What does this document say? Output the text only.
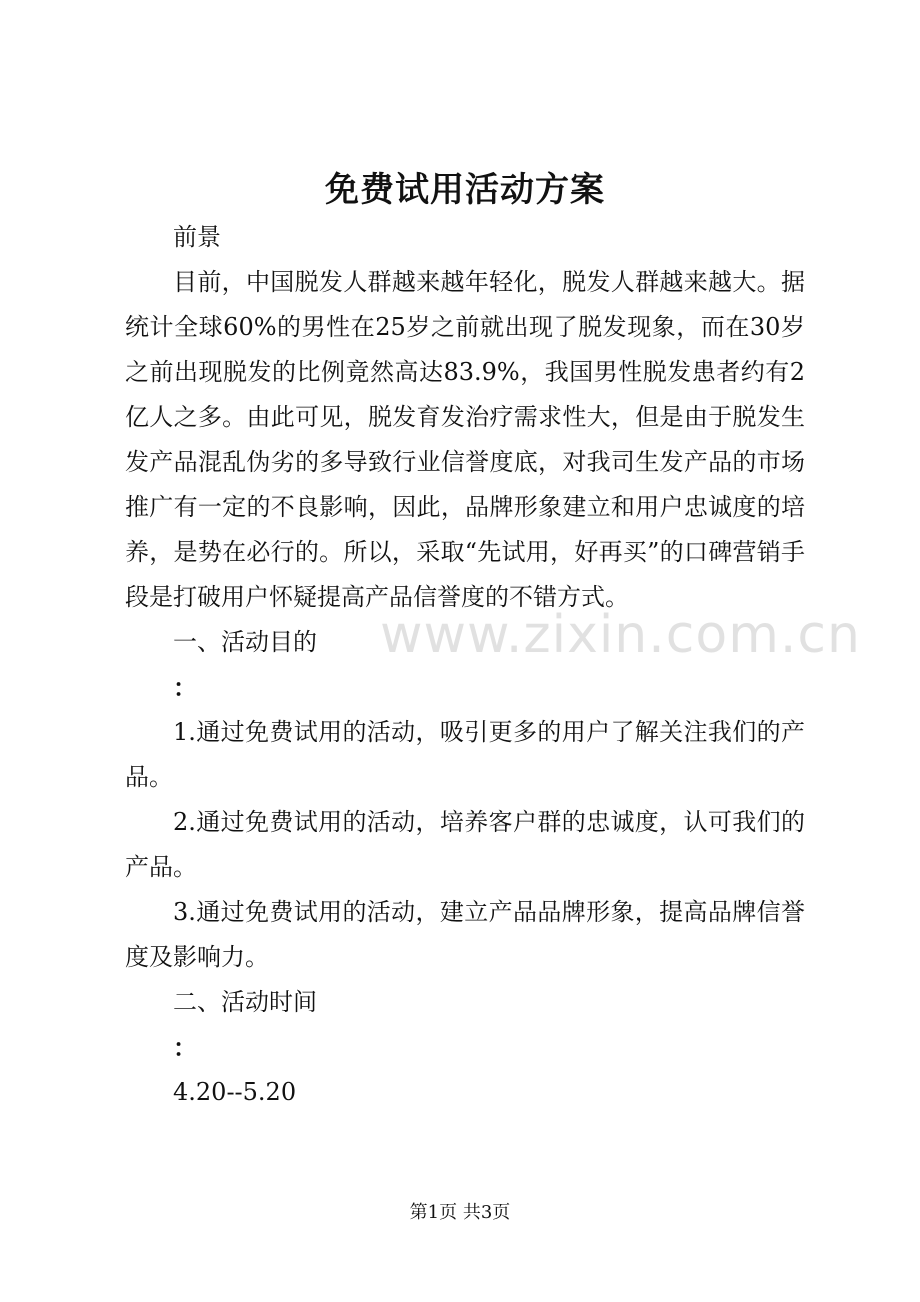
免费试用活动方案

前景

目前，中国脱发人群越来越年轻化，脱发人群越来越大。据统计全球60%的男性在25岁之前就出现了脱发现象，而在30岁之前出现脱发的比例竟然高达83.9%，我国男性脱发患者约有2亿人之多。由此可见，脱发育发治疗需求性大，但是由于脱发生发产品混乱伪劣的多导致行业信誉度底，对我司生发产品的市场推广有一定的不良影响，因此，品牌形象建立和用户忠诚度的培养，是势在必行的。所以，采取“先试用，好再买”的口碑营销手段是打破用户怀疑提高产品信誉度的不错方式。

一、活动目的

：

1.通过免费试用的活动，吸引更多的用户了解关注我们的产品。

2.通过免费试用的活动，培养客户群的忠诚度，认可我们的产品。

3.通过免费试用的活动，建立产品品牌形象，提高品牌信誉度及影响力。

二、活动时间

：

4.20--5.20

www.zixin.com.cn
第1页 共3页
